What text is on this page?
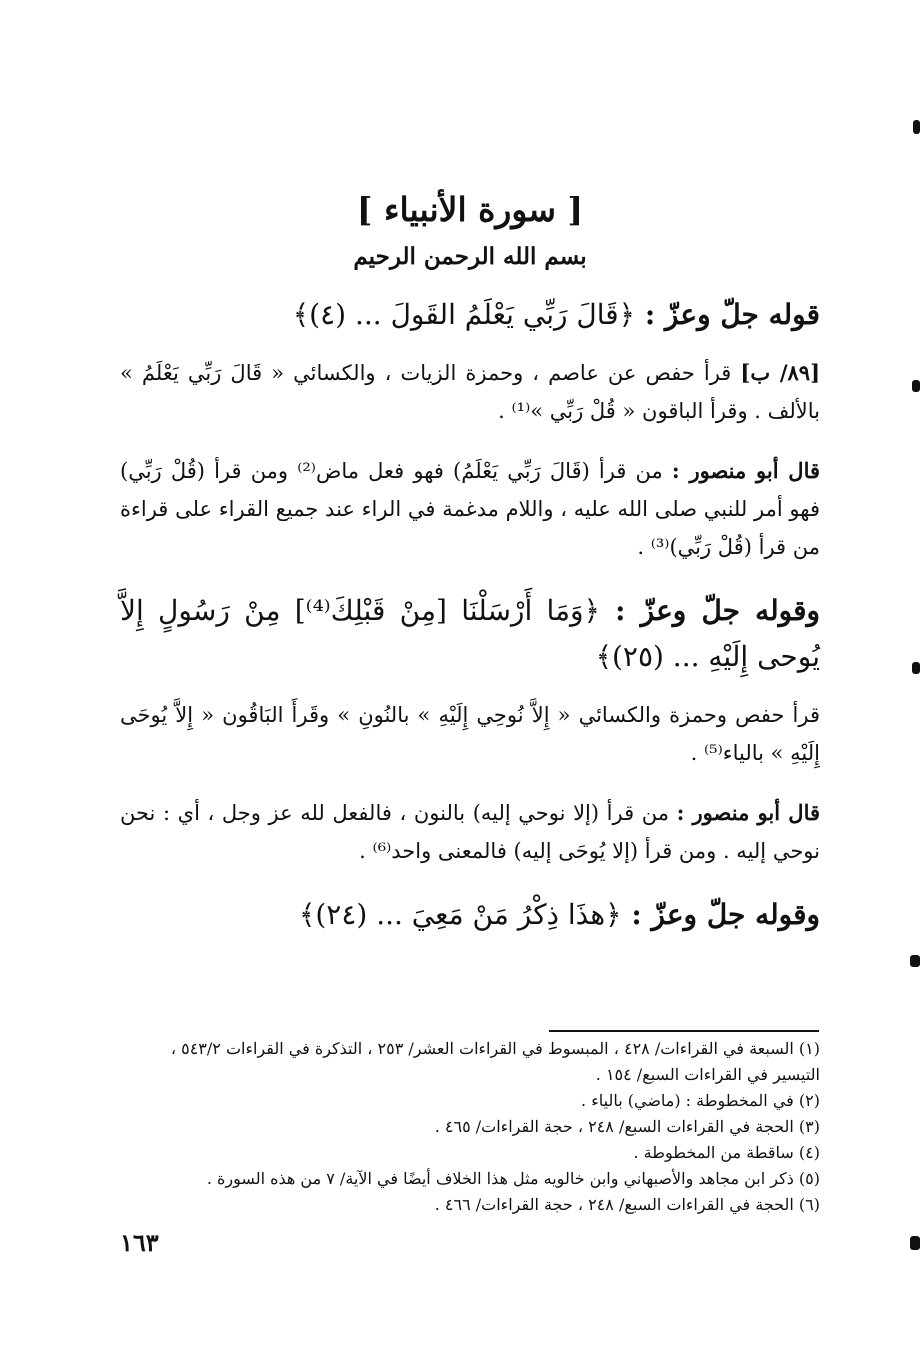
[ سورة الأنبياء ]
بسم الله الرحمن الرحيم
قوله جلّ وعزّ : ﴿قَالَ رَبِّي يَعْلَمُ القَولَ ... (٤)﴾
[٨٩/ ب] قرأ حفص عن عاصم ، وحمزة الزيات ، والكسائي « قَالَ رَبِّي يَعْلَمُ » بالألف . وقرأ الباقون « قُلْ رَبِّي »⁽¹⁾ .
قال أبو منصور : من قرأ (قَالَ رَبِّي يَعْلَمُ) فهو فعل ماض⁽²⁾ ومن قرأ (قُلْ رَبِّي) فهو أمر للنبي صلى الله عليه ، واللام مدغمة في الراء عند جميع القراء على قراءة من قرأ (قُلْ رَبِّي)⁽³⁾ .
وقوله جلّ وعزّ : ﴿وَمَا أَرْسَلْنَا [مِنْ قَبْلِكَ⁽⁴⁾] مِنْ رَسُولٍ إِلاَّ يُوحى إِلَيْهِ ... (٢٥)﴾
قرأ حفص وحمزة والكسائي « إِلاَّ نُوحِي إِلَيْهِ » بالنُونِ » وقَرأَ البَاقُون « إِلاَّ يُوحَى إِلَيْهِ » بالياء⁽⁵⁾ .
قال أبو منصور : من قرأ (إلا نوحي إليه) بالنون ، فالفعل لله عز وجل ، أي : نحن نوحي إليه . ومن قرأ (إلا يُوحَى إليه) فالمعنى واحد⁽⁶⁾ .
وقوله جلّ وعزّ : ﴿هذَا ذِكْرُ مَنْ مَعِيَ ... (٢٤)﴾
(١) السبعة في القراءات/ ٤٢٨ ، المبسوط في القراءات العشر/ ٢٥٣ ، التذكرة في القراءات ٥٤٣/٢ ،
التيسير في القراءات السبع/ ١٥٤ .
(٢) في المخطوطة : (ماضي) بالياء .
(٣) الحجة في القراءات السبع/ ٢٤٨ ، حجة القراءات/ ٤٦٥ .
(٤) ساقطة من المخطوطة .
(٥) ذكر ابن مجاهد والأصبهاني وابن خالويه مثل هذا الخلاف أيضًا في الآية/ ٧ من هذه السورة .
(٦) الحجة في القراءات السبع/ ٢٤٨ ، حجة القراءات/ ٤٦٦ .
١٦٣
